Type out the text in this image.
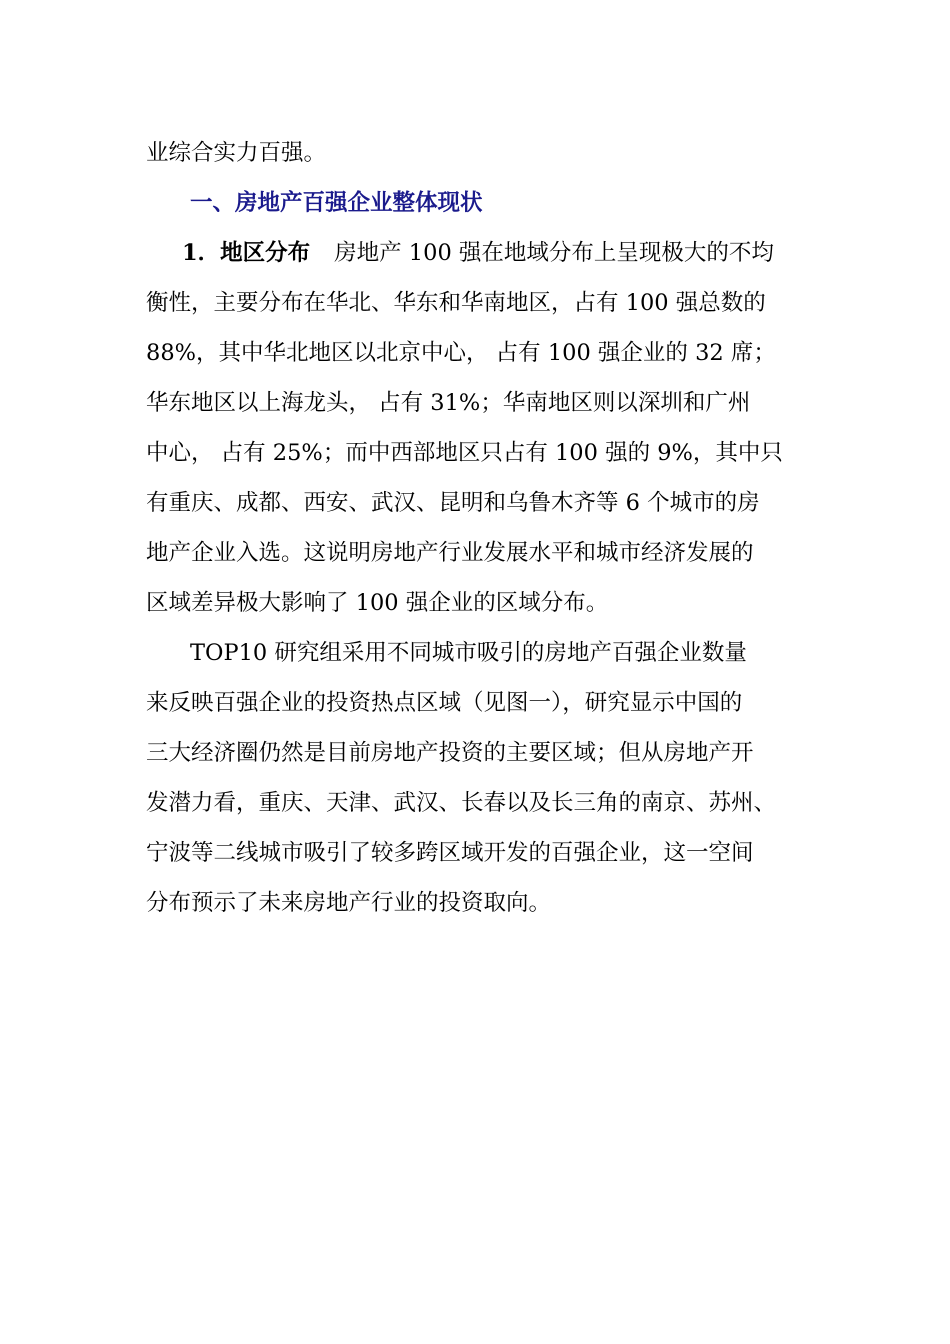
业综合实力百强。
一、房地产百强企业整体现状
1．地区分布 房地产 100 强在地域分布上呈现极大的不均
衡性，主要分布在华北、华东和华南地区，占有 100 强总数的
88%，其中华北地区以北京中心， 占有 100 强企业的 32 席；
华东地区以上海龙头， 占有 31%；华南地区则以深圳和广州
中心， 占有 25%；而中西部地区只占有 100 强的 9%，其中只
有重庆、成都、西安、武汉、昆明和乌鲁木齐等 6 个城市的房
地产企业入选。这说明房地产行业发展水平和城市经济发展的
区域差异极大影响了 100 强企业的区域分布。
TOP10 研究组采用不同城市吸引的房地产百强企业数量
来反映百强企业的投资热点区域（见图一），研究显示中国的
三大经济圈仍然是目前房地产投资的主要区域；但从房地产开
发潜力看，重庆、天津、武汉、长春以及长三角的南京、苏州、
宁波等二线城市吸引了较多跨区域开发的百强企业，这一空间
分布预示了未来房地产行业的投资取向。
